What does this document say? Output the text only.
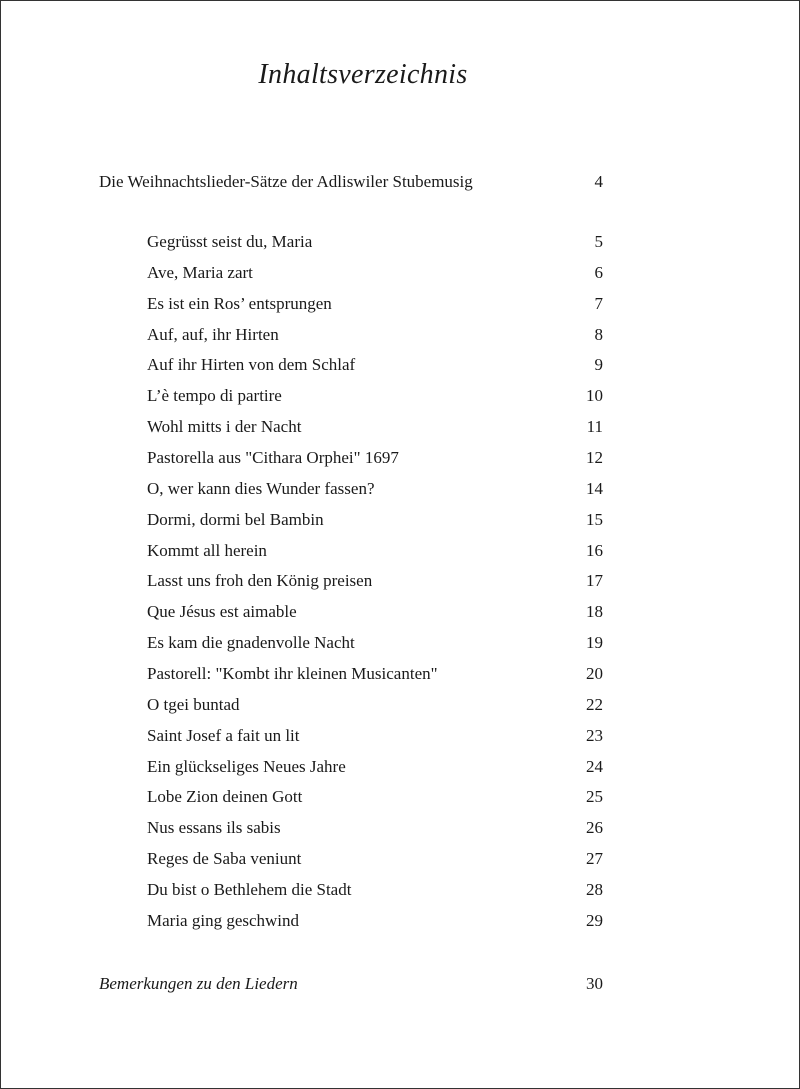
Inhaltsverzeichnis
Die Weihnachtslieder-Sätze der Adliswiler Stubemusig	4
Gegrüsst seist du, Maria	5
Ave, Maria zart	6
Es ist ein Ros’ entsprungen	7
Auf, auf, ihr Hirten	8
Auf ihr Hirten von dem Schlaf	9
L’è tempo di partire	10
Wohl mitts i der Nacht	11
Pastorella aus "Cithara Orphei" 1697	12
O, wer kann dies Wunder fassen?	14
Dormi, dormi bel Bambin	15
Kommt all herein	16
Lasst uns froh den König preisen	17
Que Jésus est aimable	18
Es kam die gnadenvolle Nacht	19
Pastorell: "Kombt ihr kleinen Musicanten"	20
O tgei buntad	22
Saint Josef a fait un lit	23
Ein glückseliges Neues Jahre	24
Lobe Zion deinen Gott	25
Nus essans ils sabis	26
Reges de Saba veniunt	27
Du bist o Bethlehem die Stadt	28
Maria ging geschwind	29
Bemerkungen zu den Liedern	30
